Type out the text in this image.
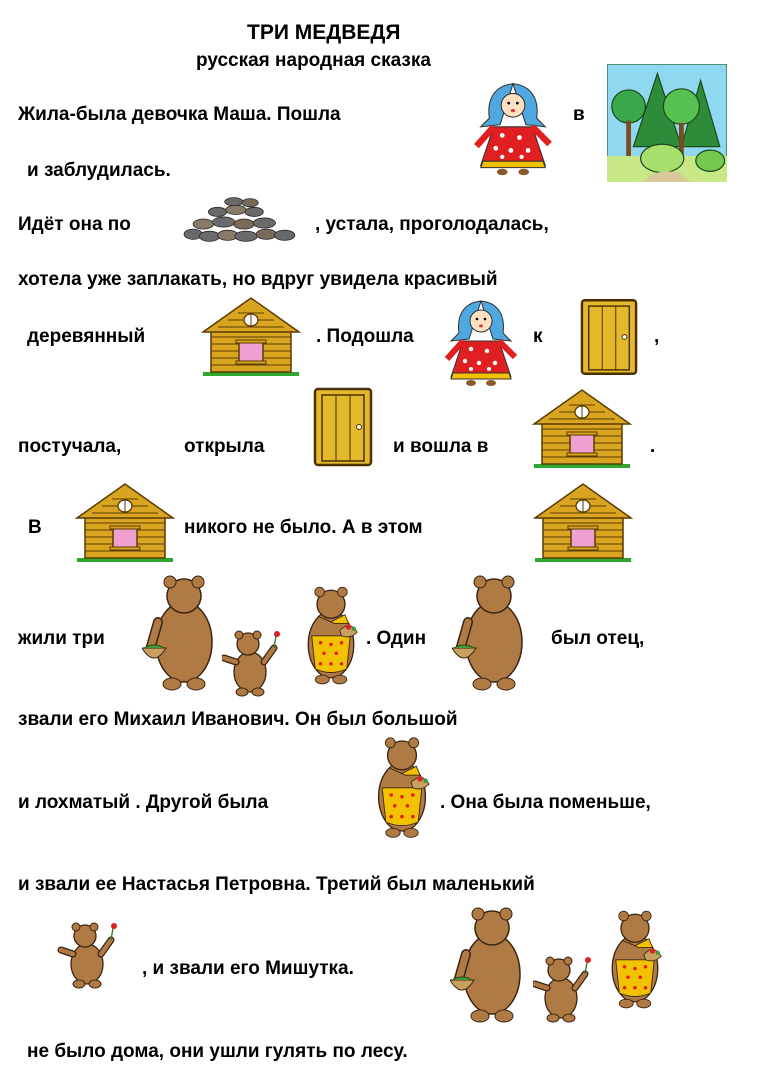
ТРИ МЕДВЕДЯ
русская народная сказка
Жила-была девочка Маша. Пошла	в
и заблудилась.
Идёт она по	, устала, проголодалась,
хотела уже заплакать, но вдруг увидела красивый
деревянный	. Подошла	к	,
постучала,	открыла	и вошла в	.
В	никого не было. А в этом
жили три	. Один	был отец,
звали его Михаил Иванович. Он был большой
и лохматый . Другой была	. Она была поменьше,
и звали ее Настасья Петровна. Третий был маленький
, и звали его Мишутка.
не было дома, они ушли гулять по лесу.
